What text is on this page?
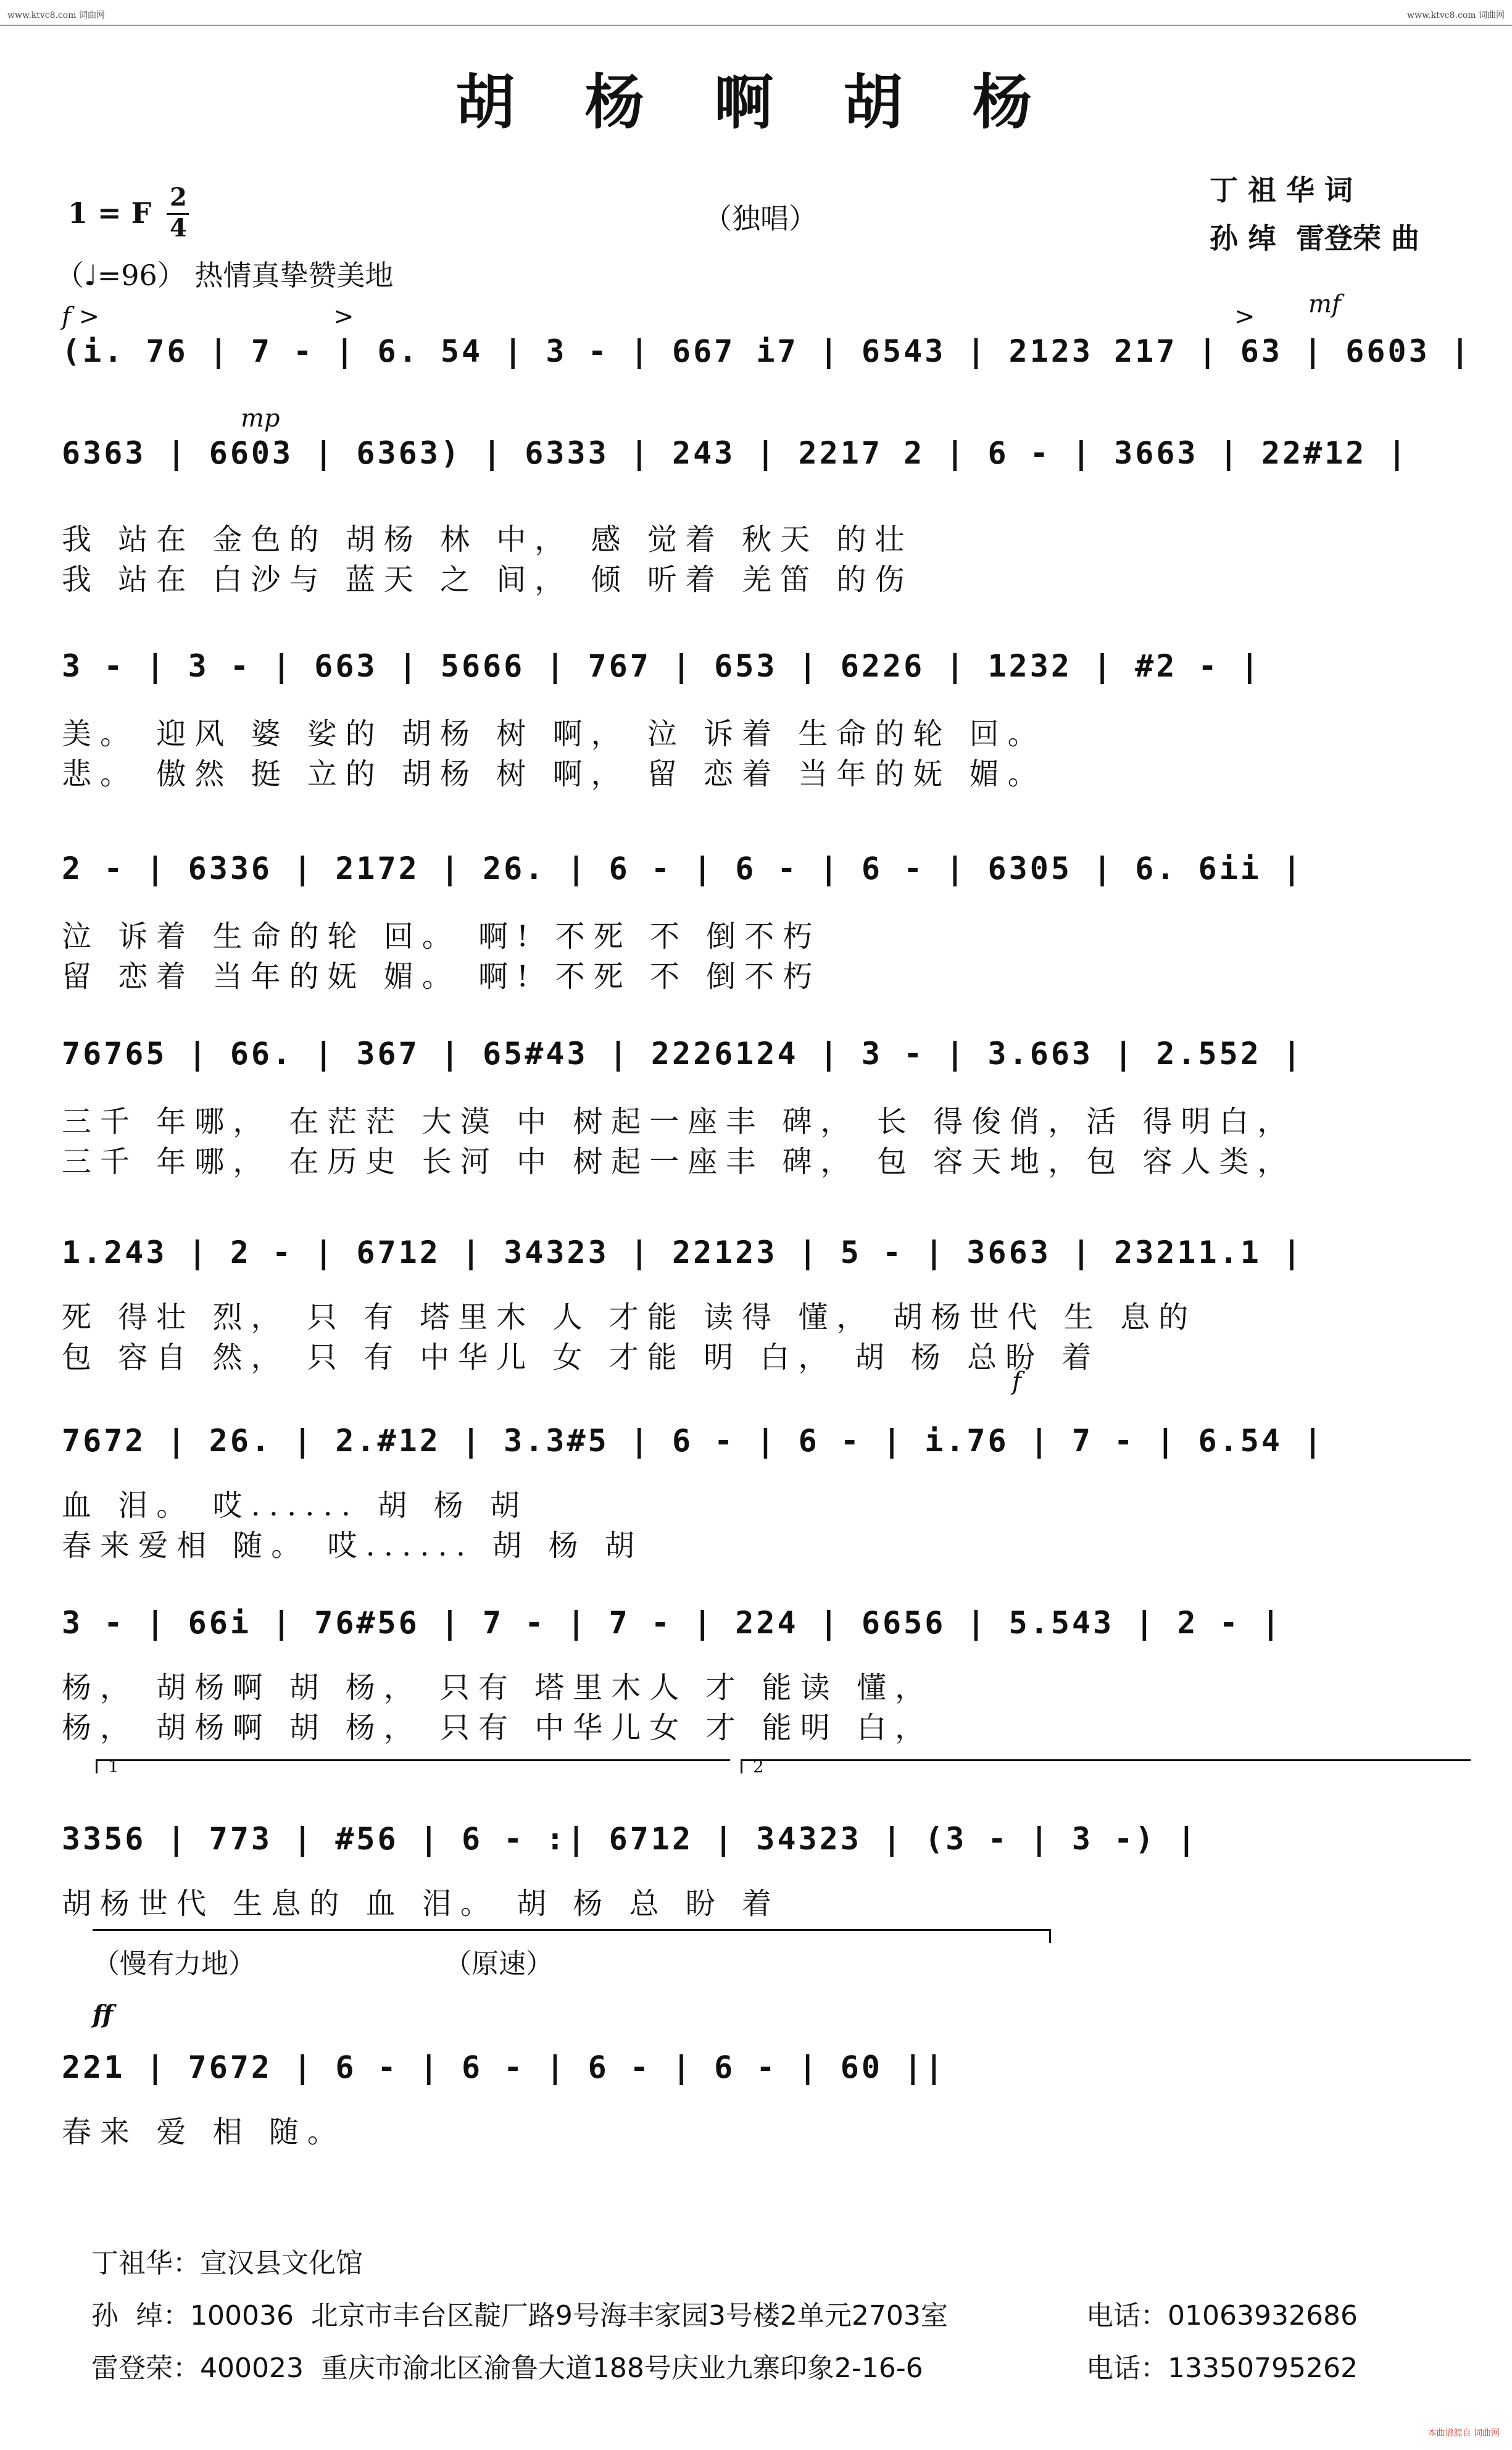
www.ktvc8.com 词曲网	www.ktvc8.com 词曲网
胡 杨 啊 胡 杨
1 = F 2
4	（独唱）
（♩=96） 热情真挚赞美地
丁 祖 华 词
孙 绰  雷登荣 曲
f >	>	> mf
(i. 76 | 7 - | 6. 54 | 3 - | 667 i7 | 6543 | 2123 217 | 63 | 6603 |
mp
6363 | 6603 | 6363) | 6333 | 243 | 2217 2 | 6 - | 3663 | 22#12 |
我 站在 金色的 胡杨 林 中， 感 觉着 秋天 的壮
我 站在 白沙与 蓝天 之 间， 倾 听着 羌笛 的伤
3 - | 3 - | 663 | 5666 | 767 | 653 | 6226 | 1232 | #2 - |
美。 迎风 婆 娑的 胡杨 树 啊， 泣 诉着 生命的轮 回。
悲。 傲然 挺 立的 胡杨 树 啊， 留 恋着 当年的妩 媚。
2 - | 6336 | 2172 | 26. | 6 - | 6 - | 6 - | 6305 | 6. 6ii |
泣 诉着 生命的轮 回。 啊! 不死 不 倒不朽
留 恋着 当年的妩 媚。 啊! 不死 不 倒不朽
76765 | 66. | 367 | 65#43 | 2226124 | 3 - | 3.663 | 2.552 |
三千 年哪， 在茫茫 大漠 中 树起一座丰 碑， 长 得俊俏，活 得明白，
三千 年哪， 在历史 长河 中 树起一座丰 碑， 包 容天地，包 容人类，
1.243 | 2 - | 6712 | 34323 | 22123 | 5 - | 3663 | 23211.1 |
死 得壮 烈， 只 有 塔里木 人 才能 读得 懂， 胡杨世代 生 息的
包 容自 然， 只 有 中华儿 女 才能 明 白， 胡 杨 总盼 着
f
7672 | 26. | 2.#12 | 3.3#5 | 6 - | 6 - | i.76 | 7 - | 6.54 |
血 泪。 哎...... 胡 杨 胡
春来爱相 随。 哎...... 胡 杨 胡
3 - | 66i | 76#56 | 7 - | 7 - | 224 | 6656 | 5.543 | 2 - |
杨， 胡杨啊 胡 杨， 只有 塔里木人 才 能读 懂，
杨， 胡杨啊 胡 杨， 只有 中华儿女 才 能明 白，
1	2
3356 | 773 | #56 | 6 - :| 6712 | 34323 | (3 - | 3 -) |
胡杨世代 生息的 血 泪。 胡 杨 总 盼 着
（慢有力地）	（原速）
ff
221 | 7672 | 6 - | 6 - | 6 - | 6 - | 60 ||
春来 爱 相 随。
丁祖华：宣汉县文化馆
孙  绰：100036  北京市丰台区靛厂路9号海丰家园3号楼2单元2703室	电话：01063932686
雷登荣：400023  重庆市渝北区渝鲁大道188号庆业九寨印象2-16-6	电话：13350795262
本曲谱源自 词曲网
